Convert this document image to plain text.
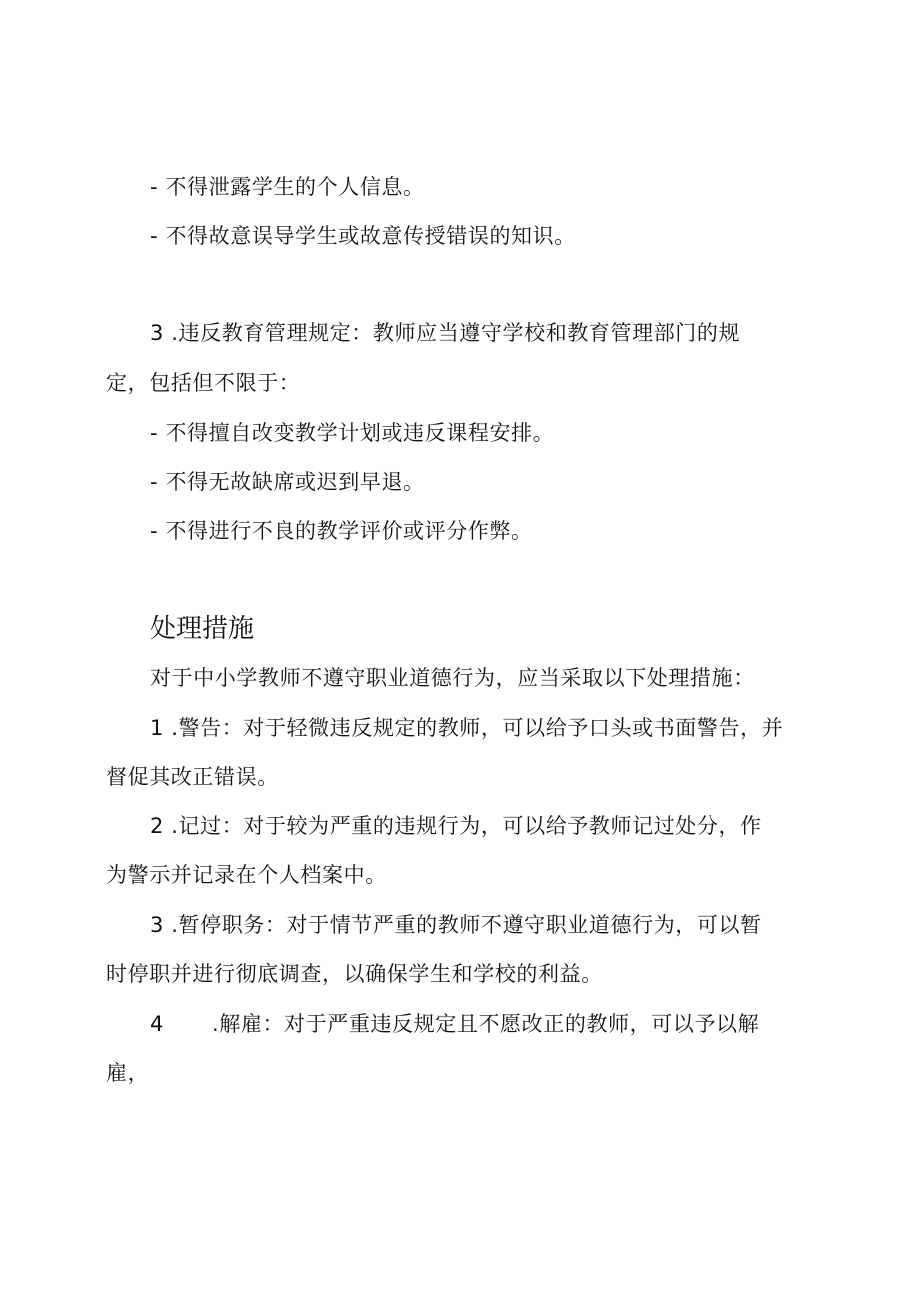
- 不得泄露学生的个人信息。
- 不得故意误导学生或故意传授错误的知识。
3 .违反教育管理规定：教师应当遵守学校和教育管理部门的规
定，包括但不限于：
- 不得擅自改变教学计划或违反课程安排。
- 不得无故缺席或迟到早退。
- 不得进行不良的教学评价或评分作弊。
处理措施
对于中小学教师不遵守职业道德行为，应当采取以下处理措施：
1 .警告：对于轻微违反规定的教师，可以给予口头或书面警告，并
督促其改正错误。
2 .记过：对于较为严重的违规行为，可以给予教师记过处分，作
为警示并记录在个人档案中。
3 .暂停职务：对于情节严重的教师不遵守职业道德行为，可以暂
时停职并进行彻底调查，以确保学生和学校的利益。
4 .解雇：对于严重违反规定且不愿改正的教师，可以予以解
雇，
